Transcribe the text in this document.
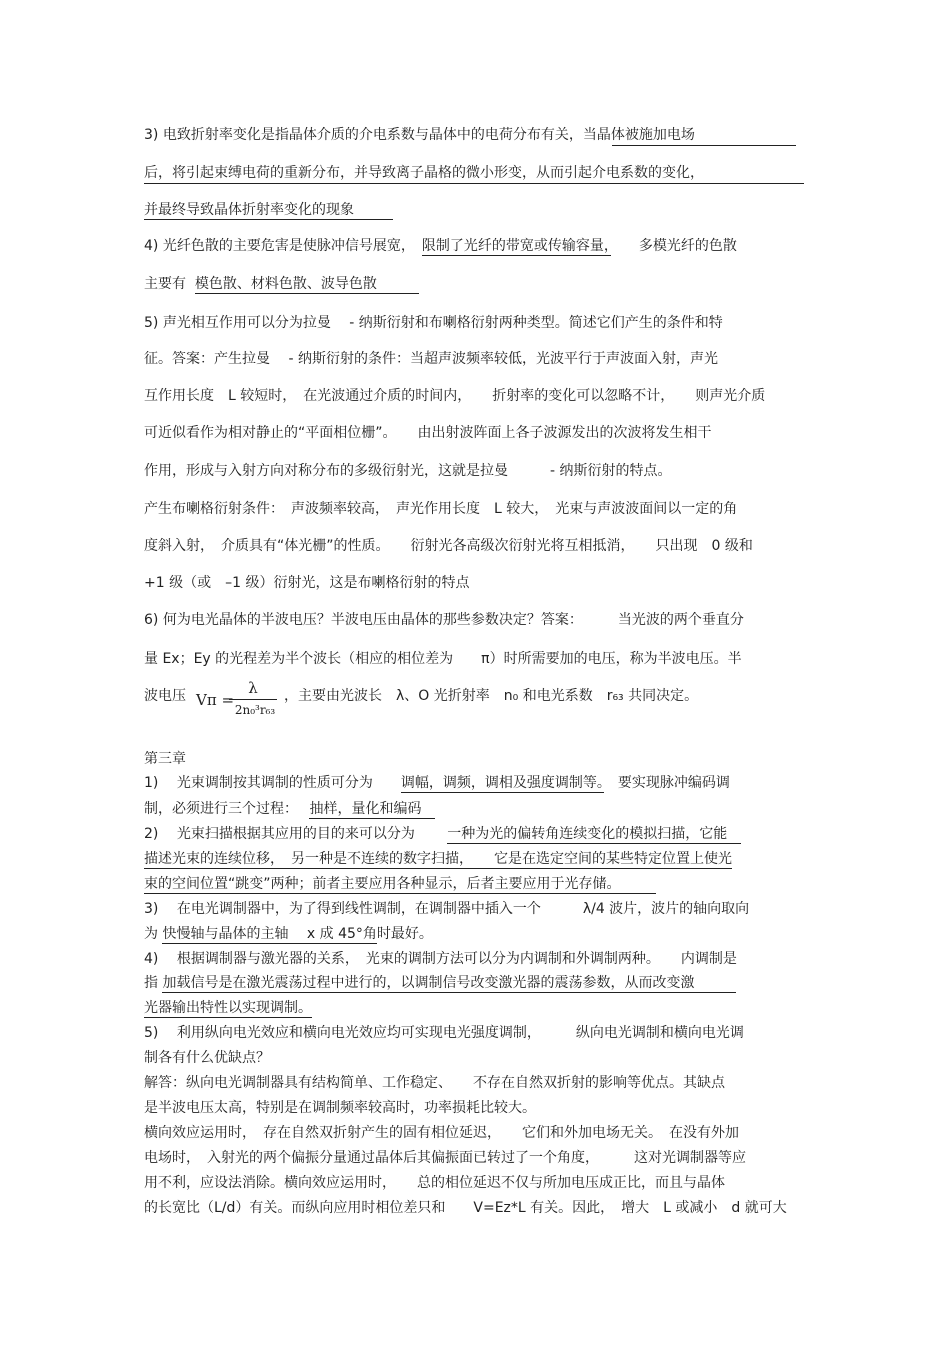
3) 电致折射率变化是指晶体介质的介电系数与晶体中的电荷分布有关，当晶体被施加电场
后，将引起束缚电荷的重新分布，并导致离子晶格的微小形变，从而引起介电系数的变化，
并最终导致晶体折射率变化的现象
4) 光纤色散的主要危害是使脉冲信号展宽，　 限制了光纤的带宽或传输容量，　　 多模光纤的色散
主要有 模色散、材料色散、波导色散　　　
5) 声光相互作用可以分为拉曼　 - 纳斯衍射和布喇格衍射两种类型。简述它们产生的条件和特
征。答案：产生拉曼　 - 纳斯衍射的条件：当超声波频率较低，光波平行于声波面入射，声光
互作用长度　L 较短时，　在光波通过介质的时间内，　　折射率的变化可以忽略不计，　　则声光介质
可近似看作为相对静止的“平面相位栅”。　　由出射波阵面上各子波源发出的次波将发生相干
作用，形成与入射方向对称分布的多级衍射光，这就是拉曼　　　- 纳斯衍射的特点。
产生布喇格衍射条件：　声波频率较高，　声光作用长度　L 较大，　光束与声波波面间以一定的角
度斜入射，　介质具有“体光栅”的性质。　　衍射光各高级次衍射光将互相抵消，　　只出现　0 级和
+1 级（或　–1 级）衍射光，这是布喇格衍射的特点
6) 何为电光晶体的半波电压？半波电压由晶体的那些参数决定？答案：　　　当光波的两个垂直分
量 Ex；Ey 的光程差为半个波长（相应的相位差为　　π）时所需要加的电压，称为半波电压。半
波电压 Vπ =
λ
2n₀³r₆₃
，主要由光波长　λ、O 光折射率　n₀ 和电光系数　r₆₃ 共同决定。
第三章
1)　 光束调制按其调制的性质可分为　　 调幅，调频，调相及强度调制等。　 要实现脉冲编码调
制，必须进行三个过程：　 抽样，量化和编码　
2)　 光束扫描根据其应用的目的来可以分为　　 一种为光的偏转角连续变化的模拟扫描，它能　
描述光束的连续位移，　另一种是不连续的数字扫描，　　它是在选定空间的某些特定位置上使光
束的空间位置“跳变”两种；前者主要应用各种显示，后者主要应用于光存储。　　　
3)　 在电光调制器中，为了得到线性调制，在调制器中插入一个　　　λ/4 波片，波片的轴向取向
为 快慢轴与晶体的主轴　 x 成 45°角时最好。
4)　 根据调制器与激光器的关系，　光束的调制方法可以分为内调制和外调制两种。　　内调制是
指 加载信号是在激光震荡过程中进行的，以调制信号改变激光器的震荡参数，从而改变激　　　
光器输出特性以实现调制。
5)　 利用纵向电光效应和横向电光效应均可实现电光强度调制，　　　纵向电光调制和横向电光调
制各有什么优缺点？
解答：纵向电光调制器具有结构简单、工作稳定、　　不存在自然双折射的影响等优点。其缺点
是半波电压太高，特别是在调制频率较高时，功率损耗比较大。
横向效应运用时，　存在自然双折射产生的固有相位延迟，　　它们和外加电场无关。　在没有外加
电场时，　入射光的两个偏振分量通过晶体后其偏振面已转过了一个角度，　　　这对光调制器等应
用不利，应设法消除。横向效应运用时，　　总的相位延迟不仅与所加电压成正比，而且与晶体
的长宽比（L/d）有关。而纵向应用时相位差只和　　V=Ez*L 有关。因此，　增大　L 或减小　d 就可大
